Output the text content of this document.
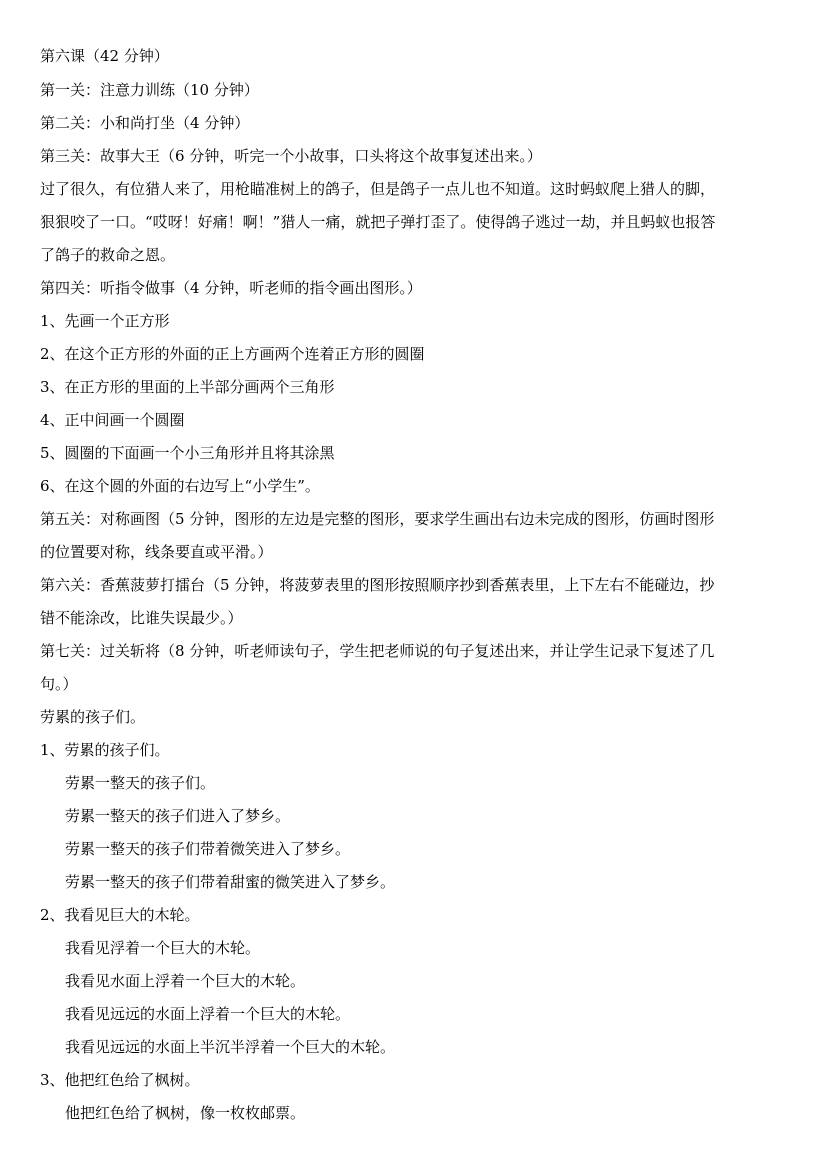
第六课（42 分钟）
第一关：注意力训练（10 分钟）
第二关：小和尚打坐（4 分钟）
第三关：故事大王（6 分钟，听完一个小故事，口头将这个故事复述出来。）
过了很久，有位猎人来了，用枪瞄准树上的鸽子，但是鸽子一点儿也不知道。这时蚂蚁爬上猎人的脚，
狠狠咬了一口。“哎呀！好痛！啊！”猎人一痛，就把子弹打歪了。使得鸽子逃过一劫，并且蚂蚁也报答
了鸽子的救命之恩。
第四关：听指令做事（4 分钟，听老师的指令画出图形。）
1、先画一个正方形
2、在这个正方形的外面的正上方画两个连着正方形的圆圈
3、在正方形的里面的上半部分画两个三角形
4、正中间画一个圆圈
5、圆圈的下面画一个小三角形并且将其涂黑
6、在这个圆的外面的右边写上“小学生”。
第五关：对称画图（5 分钟，图形的左边是完整的图形，要求学生画出右边未完成的图形，仿画时图形
的位置要对称，线条要直或平滑。）
第六关：香蕉菠萝打擂台（5 分钟，将菠萝表里的图形按照顺序抄到香蕉表里，上下左右不能碰边，抄
错不能涂改，比谁失误最少。）
第七关：过关斩将（8 分钟，听老师读句子，学生把老师说的句子复述出来，并让学生记录下复述了几
句。）
劳累的孩子们。
1、劳累的孩子们。
劳累一整天的孩子们。
劳累一整天的孩子们进入了梦乡。
劳累一整天的孩子们带着微笑进入了梦乡。
劳累一整天的孩子们带着甜蜜的微笑进入了梦乡。
2、我看见巨大的木轮。
我看见浮着一个巨大的木轮。
我看见水面上浮着一个巨大的木轮。
我看见远远的水面上浮着一个巨大的木轮。
我看见远远的水面上半沉半浮着一个巨大的木轮。
3、他把红色给了枫树。
他把红色给了枫树，像一枚枚邮票。
